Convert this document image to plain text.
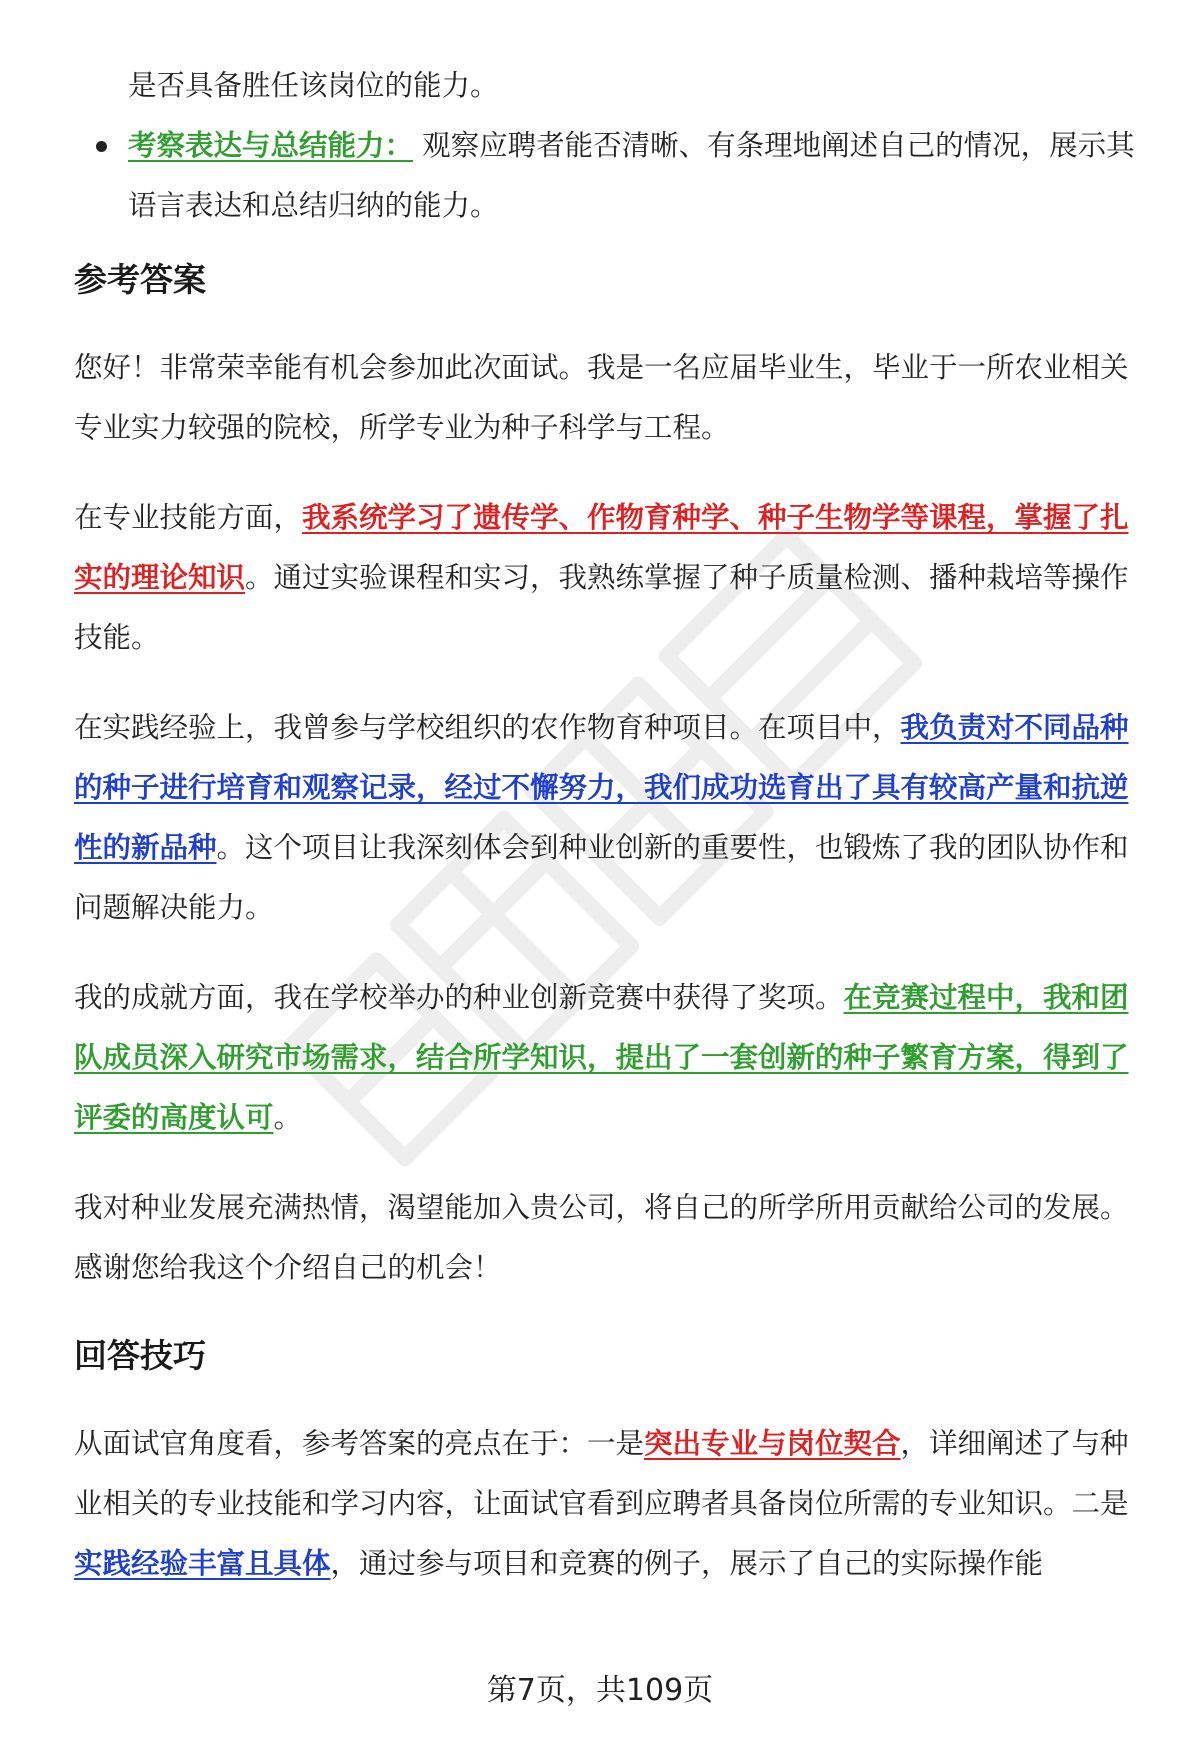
是否具备胜任该岗位的能力。

考察表达与总结能力： 观察应聘者能否清晰、有条理地阐述自己的情况，展示其语言表达和总结归纳的能力。
参考答案

您好！非常荣幸能有机会参加此次面试。我是一名应届毕业生，毕业于一所农业相关专业实力较强的院校，所学专业为种子科学与工程。

在专业技能方面，我系统学习了遗传学、作物育种学、种子生物学等课程，掌握了扎实的理论知识。通过实验课程和实习，我熟练掌握了种子质量检测、播种栽培等操作技能。

在实践经验上，我曾参与学校组织的农作物育种项目。在项目中，我负责对不同品种的种子进行培育和观察记录，经过不懈努力，我们成功选育出了具有较高产量和抗逆性的新品种。这个项目让我深刻体会到种业创新的重要性，也锻炼了我的团队协作和问题解决能力。

我的成就方面，我在学校举办的种业创新竞赛中获得了奖项。在竞赛过程中，我和团队成员深入研究市场需求，结合所学知识，提出了一套创新的种子繁育方案，得到了评委的高度认可。

我对种业发展充满热情，渴望能加入贵公司，将自己的所学所用贡献给公司的发展。感谢您给我这个介绍自己的机会！

回答技巧

从面试官角度看，参考答案的亮点在于：一是突出专业与岗位契合，详细阐述了与种业相关的专业技能和学习内容，让面试官看到应聘者具备岗位所需的专业知识。二是实践经验丰富且具体，通过参与项目和竞赛的例子，展示了自己的实际操作能

第7页，共109页
